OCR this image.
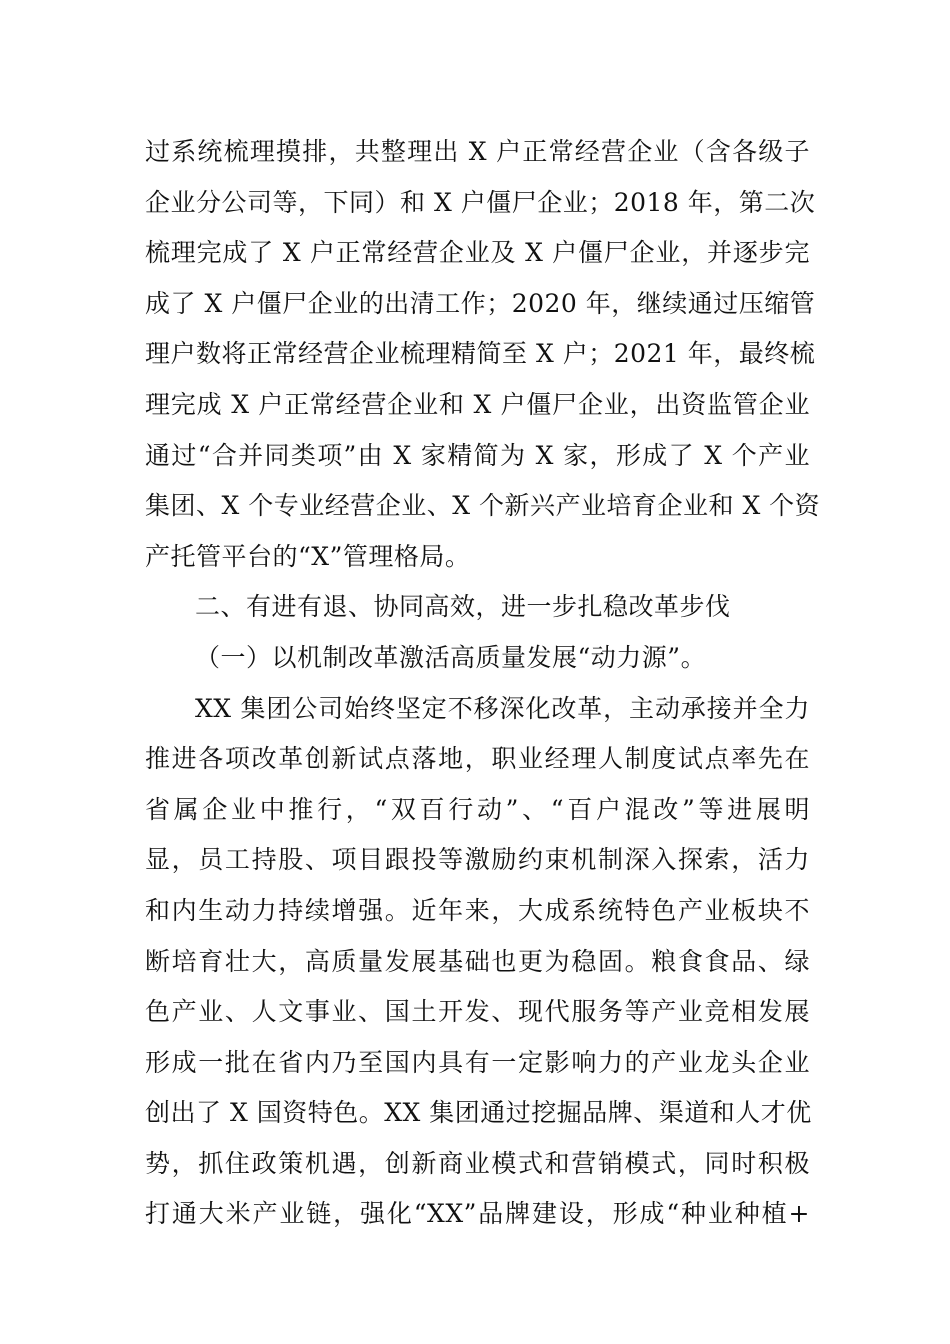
过系统梳理摸排，共整理出 X 户正常经营企业（含各级子
企业分公司等，下同）和 X 户僵尸企业；2018 年，第二次
梳理完成了 X 户正常经营企业及 X 户僵尸企业，并逐步完
成了 X 户僵尸企业的出清工作；2020 年，继续通过压缩管
理户数将正常经营企业梳理精简至 X 户；2021 年，最终梳
理完成 X 户正常经营企业和 X 户僵尸企业，出资监管企业
通过“合并同类项”由 X 家精简为 X 家，形成了 X 个产业
集团、X 个专业经营企业、X 个新兴产业培育企业和 X 个资
产托管平台的“X”管理格局。
二、有进有退、协同高效，进一步扎稳改革步伐
（一）以机制改革激活高质量发展“动力源”。
XX 集团公司始终坚定不移深化改革，主动承接并全力
推进各项改革创新试点落地，职业经理人制度试点率先在
省属企业中推行，“双百行动”、“百户混改”等进展明
显，员工持股、项目跟投等激励约束机制深入探索，活力
和内生动力持续增强。近年来，大成系统特色产业板块不
断培育壮大，高质量发展基础也更为稳固。粮食食品、绿
色产业、人文事业、国土开发、现代服务等产业竞相发展
形成一批在省内乃至国内具有一定影响力的产业龙头企业
创出了 X 国资特色。XX 集团通过挖掘品牌、渠道和人才优
势，抓住政策机遇，创新商业模式和营销模式，同时积极
打通大米产业链，强化“XX”品牌建设，形成“种业种植+
